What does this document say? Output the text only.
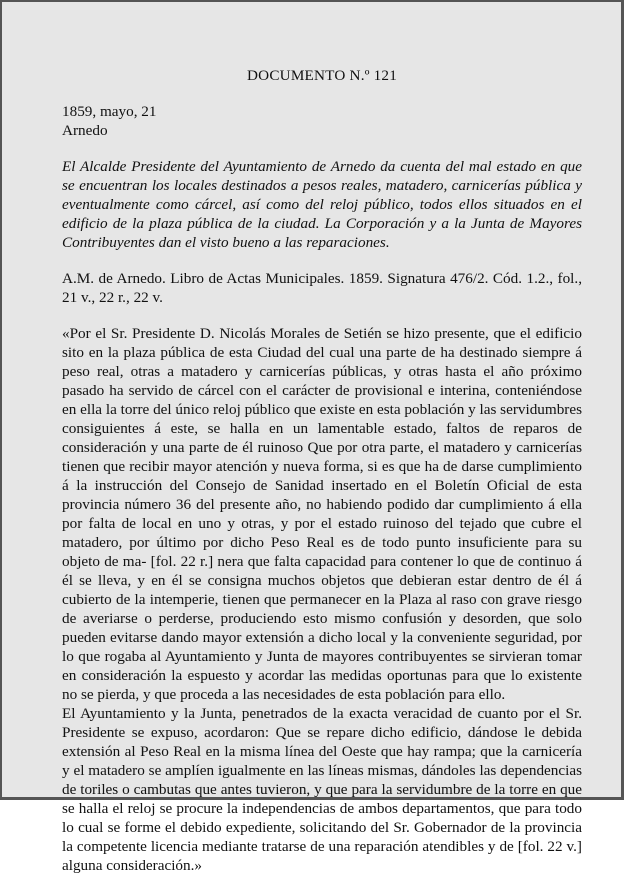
DOCUMENTO N.º 121

1859, mayo, 21

Arnedo

El Alcalde Presidente del Ayuntamiento de Arnedo da cuenta del mal estado en que se encuentran los locales destinados a pesos reales, matadero, carnicerías pública y eventualmente como cárcel, así como del reloj público, todos ellos situados en el edificio de la plaza pública de la ciudad. La Corporación y a la Junta de Mayores Contribuyentes dan el visto bueno a las reparaciones.

A.M. de Arnedo. Libro de Actas Municipales. 1859. Signatura 476/2. Cód. 1.2., fol., 21 v., 22 r., 22 v.

«Por el Sr. Presidente D. Nicolás Morales de Setién se hizo presente, que el edificio sito en la plaza pública de esta Ciudad del cual una parte de ha destinado siempre á peso real, otras a matadero y carnicerías públicas, y otras hasta el año próximo pasado ha servido de cárcel con el carácter de provisional e interina, conteniéndose en ella la torre del único reloj público que existe en esta población y las servidumbres consiguientes á este, se halla en un lamentable estado, faltos de reparos de consideración y una parte de él ruinoso Que por otra parte, el matadero y carnicerías tienen que recibir mayor atención y nueva forma, si es que ha de darse cumplimiento á la instrucción del Consejo de Sanidad insertado en el Boletín Oficial de esta provincia número 36 del presente año, no habiendo podido dar cumplimiento á ella por falta de local en uno y otras, y por el estado ruinoso del tejado que cubre el matadero, por último por dicho Peso Real es de todo punto insuficiente para su objeto de ma- [fol. 22 r.] nera que falta capacidad para contener lo que de continuo á él se lleva, y en él se consigna muchos objetos que debieran estar dentro de él á cubierto de la intemperie, tienen que permanecer en la Plaza al raso con grave riesgo de averiarse o perderse, produciendo esto mismo confusión y desorden, que solo pueden evitarse dando mayor extensión a dicho local y la conveniente seguridad, por lo que rogaba al Ayuntamiento y Junta de mayores contribuyentes se sirvieran tomar en consideración la espuesto y acordar las medidas oportunas para que lo existente no se pierda, y que proceda a las necesidades de esta población para ello.

El Ayuntamiento y la Junta, penetrados de la exacta veracidad de cuanto por el Sr. Presidente se expuso, acordaron: Que se repare dicho edificio, dándose le debida extensión al Peso Real en la misma línea del Oeste que hay rampa; que la carnicería y el matadero se amplíen igualmente en las líneas mismas, dándoles las dependencias de toriles o cambutas que antes tuvieron, y que para la servidumbre de la torre en que se halla el reloj se procure la independencias de ambos departamentos, que para todo lo cual se forme el debido expediente, solicitando del Sr. Gobernador de la provincia la competente licencia mediante tratarse de una reparación atendibles y de [fol. 22 v.] alguna consideración.»
